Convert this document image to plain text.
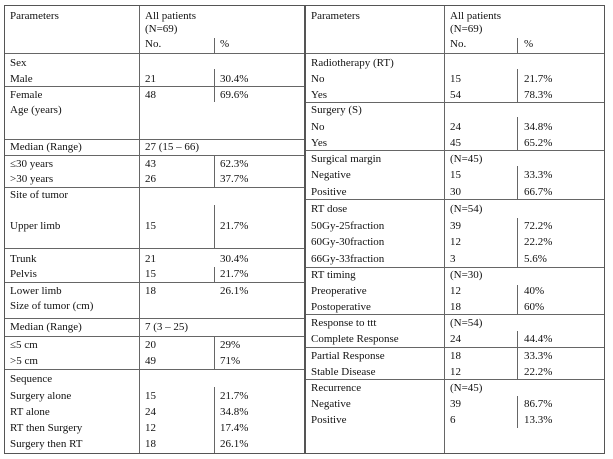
Parameters	All patients
(N=69)
No.	%
Sex
Male	21	30.4%
Female	48	69.6%
Age (years)
Median (Range)	27 (15 – 66)
≤30 years	43	62.3%
>30 years	26	37.7%
Site of tumor
Upper limb	15	21.7%
Trunk	21	30.4%
Pelvis	15	21.7%
Lower limb	18	26.1%
Size of tumor (cm)
Median (Range)	7 (3 – 25)
≤5 cm	20	29%
>5 cm	49	71%
Sequence
Surgery alone	15	21.7%
RT alone	24	34.8%
RT then Surgery	12	17.4%
Surgery then RT	18	26.1%
Parameters	All patients
(N=69)
No.	%
Radiotherapy (RT)
No	15	21.7%
Yes	54	78.3%
Surgery (S)
No	24	34.8%
Yes	45	65.2%
Surgical margin	(N=45)
Negative	15	33.3%
Positive	30	66.7%
RT dose	(N=54)
50Gy-25fraction	39	72.2%
60Gy-30fraction	12	22.2%
66Gy-33fraction	3	5.6%
RT timing	(N=30)
Preoperative	12	40%
Postoperative	18	60%
Response to ttt	(N=54)
Complete Response	24	44.4%
Partial Response	18	33.3%
Stable Disease	12	22.2%
Recurrence	(N=45)
Negative	39	86.7%
Positive	6	13.3%
